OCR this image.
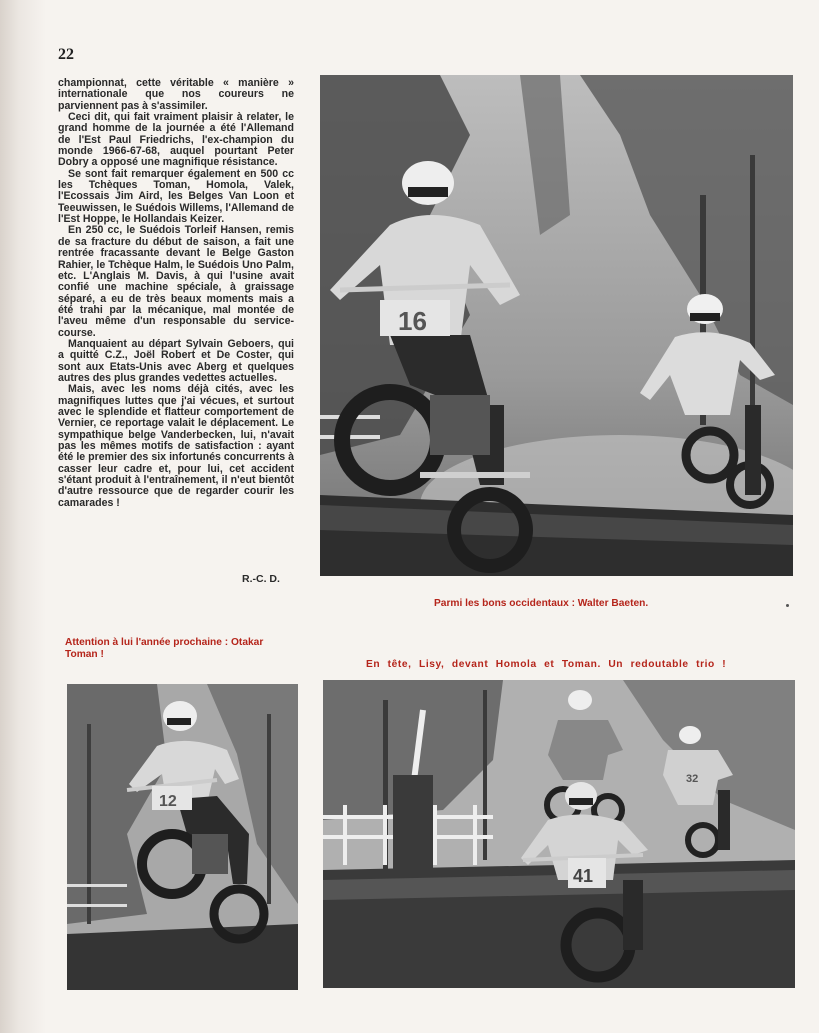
22

championnat, cette véritable « manière » internationale que nos coureurs ne parviennent pas à s'assimiler.

Ceci dit, qui fait vraiment plaisir à relater, le grand homme de la journée a été l'Allemand de l'Est Paul Friedrichs, l'ex-champion du monde 1966-67-68, auquel pourtant Peter Dobry a opposé une magnifique résistance.

Se sont fait remarquer également en 500 cc les Tchèques Toman, Homola, Valek, l'Ecossais Jim Aird, les Belges Van Loon et Teeuwissen, le Suédois Willems, l'Allemand de l'Est Hoppe, le Hollandais Keizer.

En 250 cc, le Suédois Torleif Hansen, remis de sa fracture du début de saison, a fait une rentrée fracassante devant le Belge Gaston Rahier, le Tchèque Halm, le Suédois Uno Palm, etc. L'Anglais M. Davis, à qui l'usine avait confié une machine spéciale, à graissage séparé, a eu de très beaux moments mais a été trahi par la mécanique, mal montée de l'aveu même d'un responsable du service-course.

Manquaient au départ Sylvain Geboers, qui a quitté C.Z., Joël Robert et De Coster, qui sont aux Etats-Unis avec Aberg et quelques autres des plus grandes vedettes actuelles.

Mais, avec les noms déjà cités, avec les magnifiques luttes que j'ai vécues, et surtout avec le splendide et flatteur comportement de Vernier, ce reportage valait le déplacement. Le sympathique belge Vanderbecken, lui, n'avait pas les mêmes motifs de satisfaction : ayant été le premier des six infortunés concurrents à casser leur cadre et, pour lui, cet accident s'étant produit à l'entraînement, il n'eut bientôt d'autre ressource que de regarder courir les camarades !

R.-C. D.
16
Parmi les bons occidentaux : Walter Baeten.
Attention à lui l'année prochaine : Otakar Toman !
En tête, Lisy, devant Homola et Toman. Un redoutable trio !
12
32
41
